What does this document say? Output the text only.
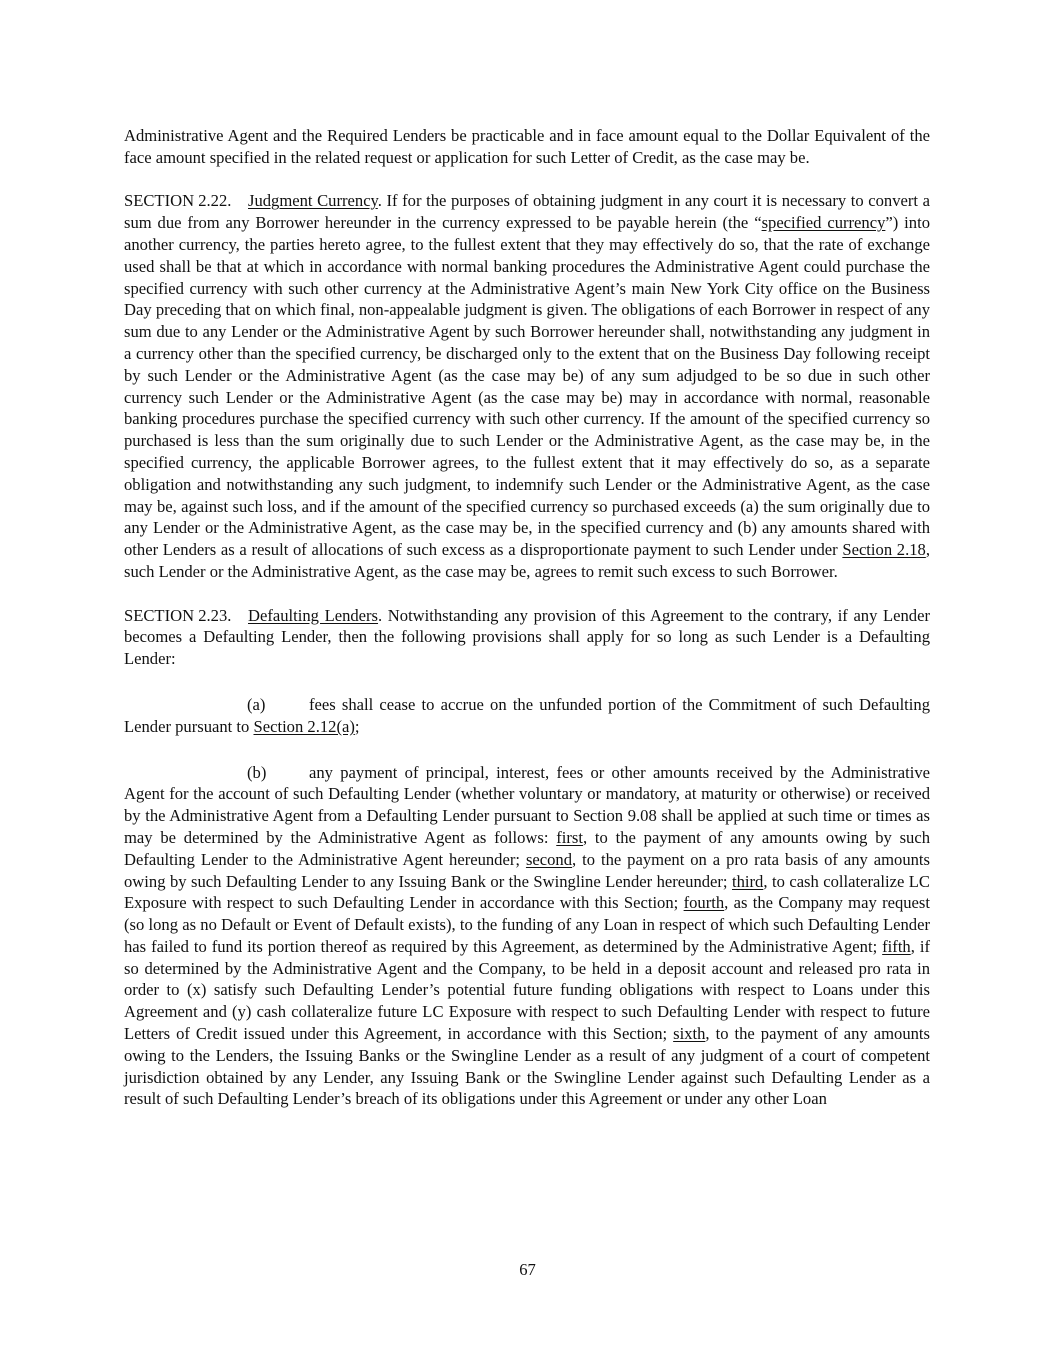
Administrative Agent and the Required Lenders be practicable and in face amount equal to the Dollar Equivalent of the face amount specified in the related request or application for such Letter of Credit, as the case may be.

SECTION 2.22. Judgment Currency. If for the purposes of obtaining judgment in any court it is necessary to convert a sum due from any Borrower hereunder in the currency expressed to be payable herein (the “specified currency”) into another currency, the parties hereto agree, to the fullest extent that they may effectively do so, that the rate of exchange used shall be that at which in accordance with normal banking procedures the Administrative Agent could purchase the specified currency with such other currency at the Administrative Agent’s main New York City office on the Business Day preceding that on which final, non-appealable judgment is given. The obligations of each Borrower in respect of any sum due to any Lender or the Administrative Agent by such Borrower hereunder shall, notwithstanding any judgment in a currency other than the specified currency, be discharged only to the extent that on the Business Day following receipt by such Lender or the Administrative Agent (as the case may be) of any sum adjudged to be so due in such other currency such Lender or the Administrative Agent (as the case may be) may in accordance with normal, reasonable banking procedures purchase the specified currency with such other currency. If the amount of the specified currency so purchased is less than the sum originally due to such Lender or the Administrative Agent, as the case may be, in the specified currency, the applicable Borrower agrees, to the fullest extent that it may effectively do so, as a separate obligation and notwithstanding any such judgment, to indemnify such Lender or the Administrative Agent, as the case may be, against such loss, and if the amount of the specified currency so purchased exceeds (a) the sum originally due to any Lender or the Administrative Agent, as the case may be, in the specified currency and (b) any amounts shared with other Lenders as a result of allocations of such excess as a disproportionate payment to such Lender under Section 2.18, such Lender or the Administrative Agent, as the case may be, agrees to remit such excess to such Borrower.

SECTION 2.23. Defaulting Lenders. Notwithstanding any provision of this Agreement to the contrary, if any Lender becomes a Defaulting Lender, then the following provisions shall apply for so long as such Lender is a Defaulting Lender:

(a)	fees shall cease to accrue on the unfunded portion of the Commitment of such Defaulting Lender pursuant to Section 2.12(a);

(b)	any payment of principal, interest, fees or other amounts received by the Administrative Agent for the account of such Defaulting Lender (whether voluntary or mandatory, at maturity or otherwise) or received by the Administrative Agent from a Defaulting Lender pursuant to Section 9.08 shall be applied at such time or times as may be determined by the Administrative Agent as follows: first, to the payment of any amounts owing by such Defaulting Lender to the Administrative Agent hereunder; second, to the payment on a pro rata basis of any amounts owing by such Defaulting Lender to any Issuing Bank or the Swingline Lender hereunder; third, to cash collateralize LC Exposure with respect to such Defaulting Lender in accordance with this Section; fourth, as the Company may request (so long as no Default or Event of Default exists), to the funding of any Loan in respect of which such Defaulting Lender has failed to fund its portion thereof as required by this Agreement, as determined by the Administrative Agent; fifth, if so determined by the Administrative Agent and the Company, to be held in a deposit account and released pro rata in order to (x) satisfy such Defaulting Lender’s potential future funding obligations with respect to Loans under this Agreement and (y) cash collateralize future LC Exposure with respect to such Defaulting Lender with respect to future Letters of Credit issued under this Agreement, in accordance with this Section; sixth, to the payment of any amounts owing to the Lenders, the Issuing Banks or the Swingline Lender as a result of any judgment of a court of competent jurisdiction obtained by any Lender, any Issuing Bank or the Swingline Lender against such Defaulting Lender as a result of such Defaulting Lender’s breach of its obligations under this Agreement or under any other Loan

67
